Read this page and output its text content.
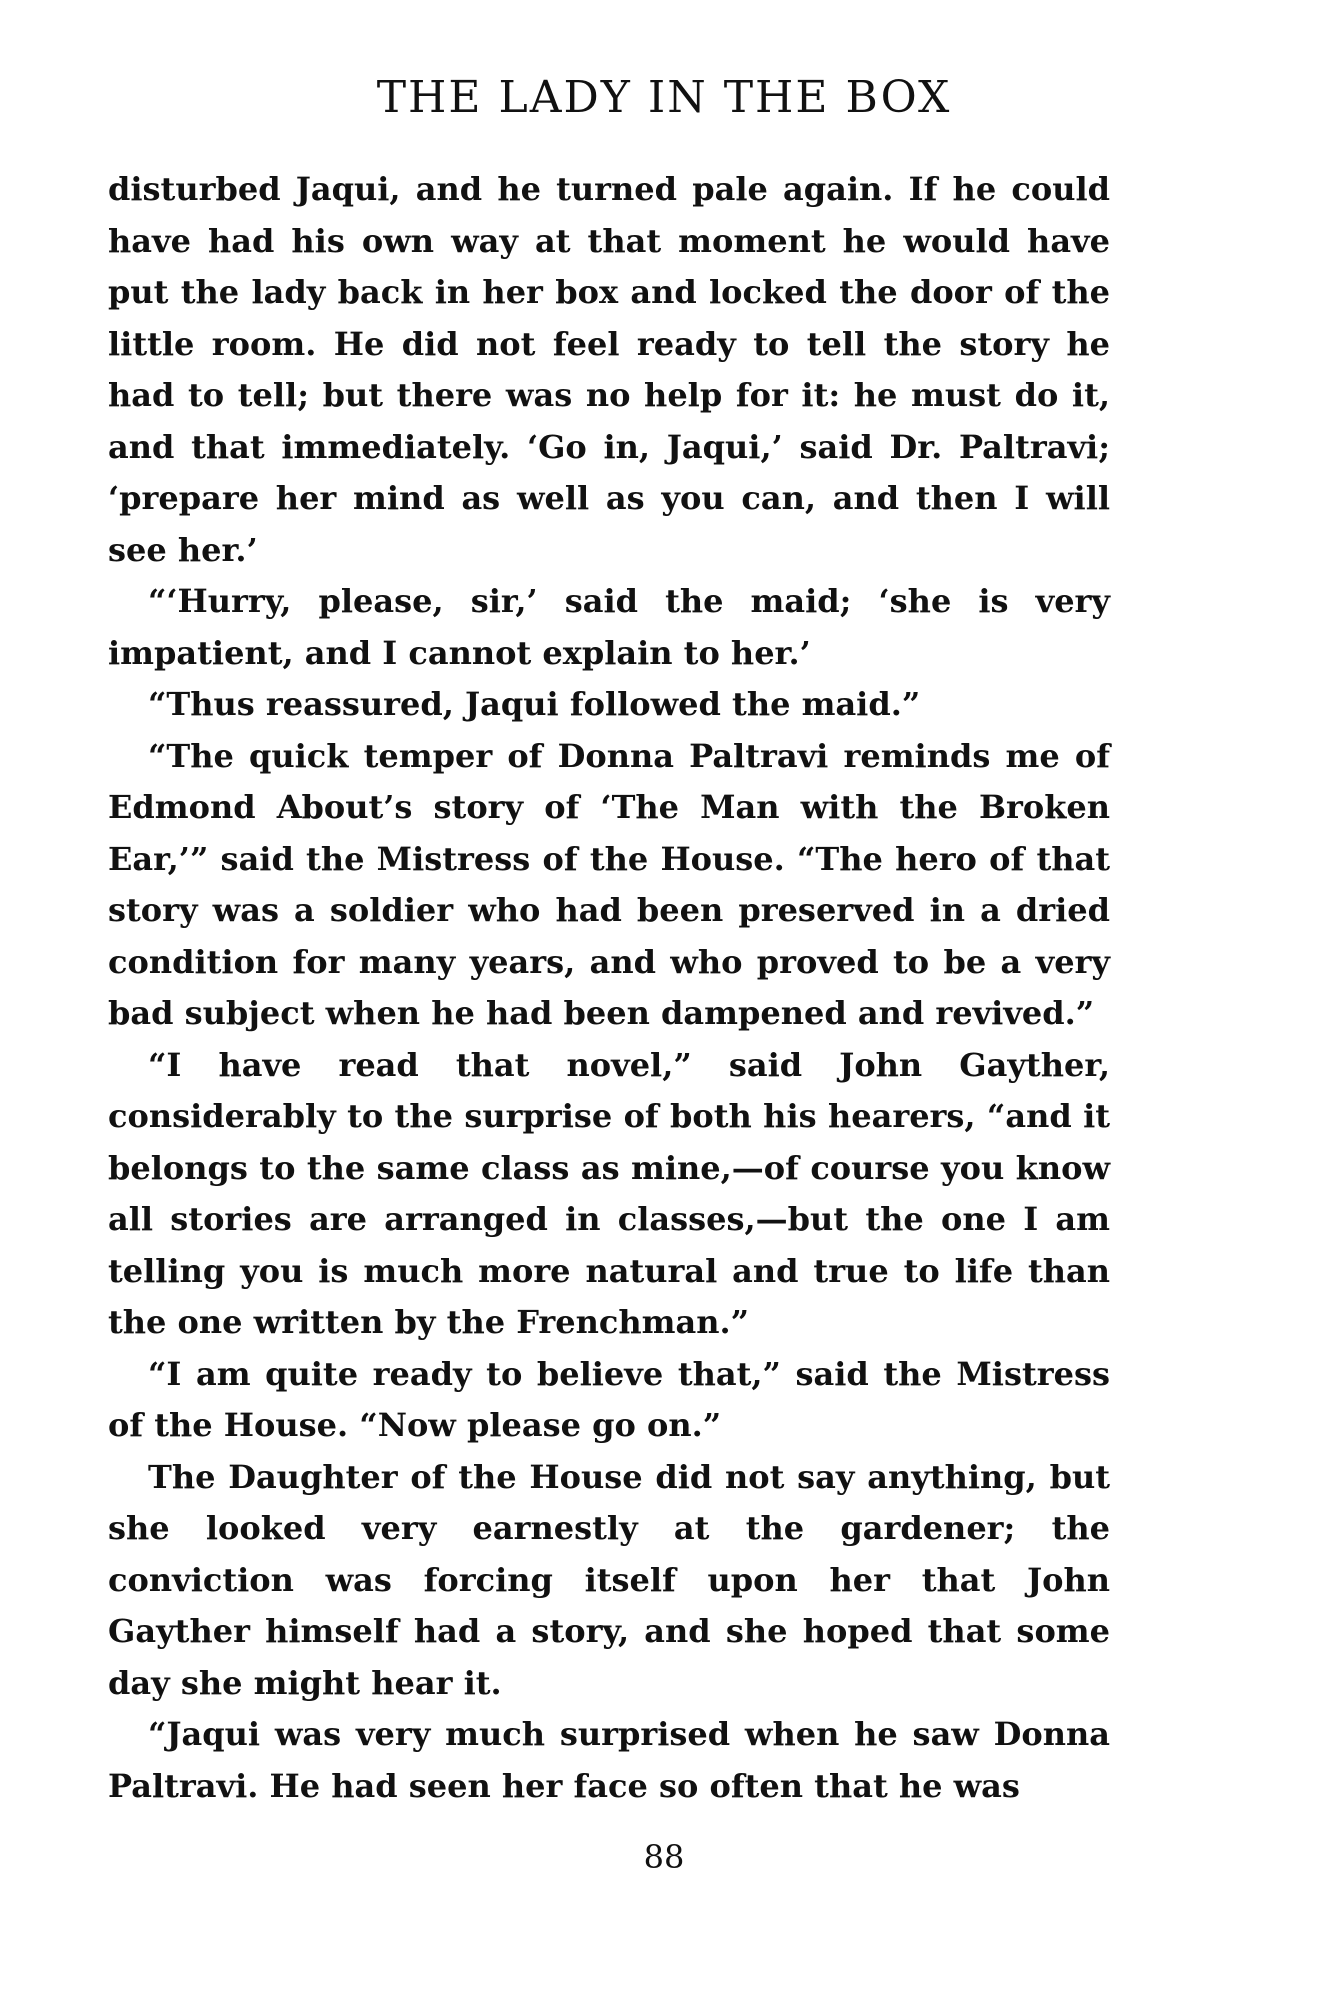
THE LADY IN THE BOX

disturbed Jaqui, and he turned pale again. If he could have had his own way at that moment he would have put the lady back in her box and locked the door of the little room. He did not feel ready to tell the story he had to tell; but there was no help for it: he must do it, and that immediately. ‘Go in, Jaqui,’ said Dr. Paltravi; ‘prepare her mind as well as you can, and then I will see her.’

“‘Hurry, please, sir,’ said the maid; ‘she is very impatient, and I cannot explain to her.’

“Thus reassured, Jaqui followed the maid.”

“The quick temper of Donna Paltravi reminds me of Edmond About’s story of ‘The Man with the Broken Ear,’” said the Mistress of the House. “The hero of that story was a soldier who had been preserved in a dried condition for many years, and who proved to be a very bad subject when he had been dampened and revived.”

“I have read that novel,” said John Gayther, considerably to the surprise of both his hearers, “and it belongs to the same class as mine,—of course you know all stories are arranged in classes,—but the one I am telling you is much more natural and true to life than the one written by the Frenchman.”

“I am quite ready to believe that,” said the Mistress of the House. “Now please go on.”

The Daughter of the House did not say anything, but she looked very earnestly at the gardener; the conviction was forcing itself upon her that John Gayther himself had a story, and she hoped that some day she might hear it.

“Jaqui was very much surprised when he saw Donna Paltravi. He had seen her face so often that he was

88
